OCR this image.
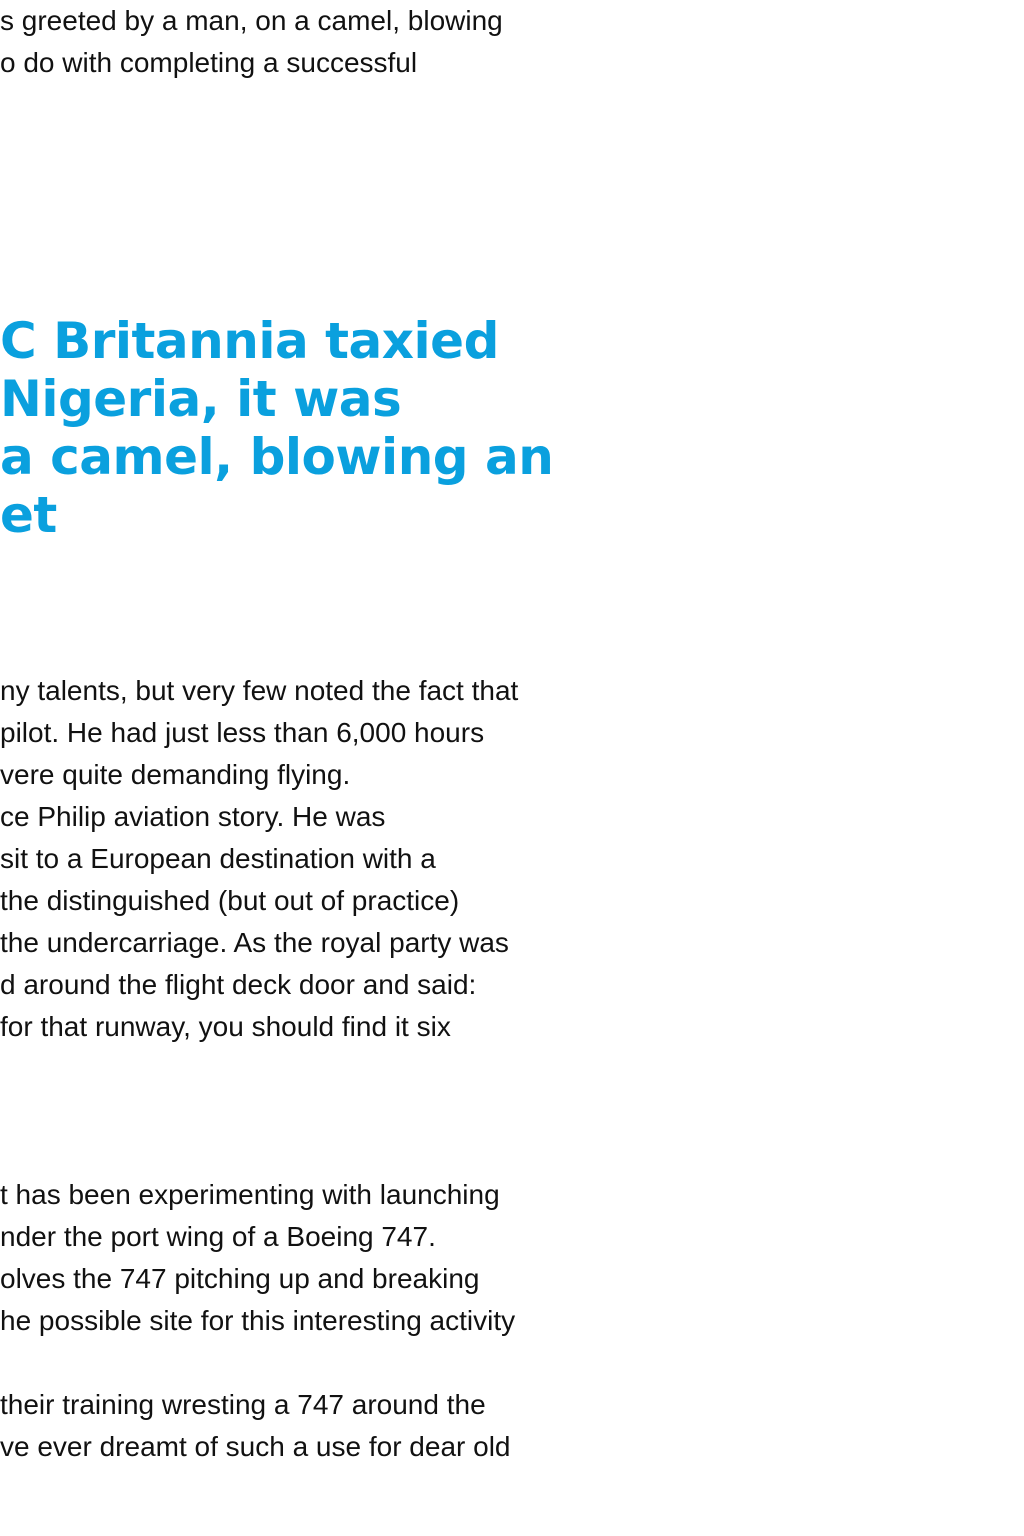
s greeted by a man, on a camel, blowing

o do with completing a successful

C Britannia taxied

Nigeria, it was

a camel, blowing an

et

ny talents, but very few noted the fact that

pilot. He had just less than 6,000 hours

vere quite demanding flying.

ce Philip aviation story. He was

sit to a European destination with a

the distinguished (but out of practice)

the undercarriage. As the royal party was

d around the flight deck door and said:

for that runway, you should find it six

t has been experimenting with launching

nder the port wing of a Boeing 747.

olves the 747 pitching up and breaking

he possible site for this interesting activity

their training wresting a 747 around the

ve ever dreamt of such a use for dear old
